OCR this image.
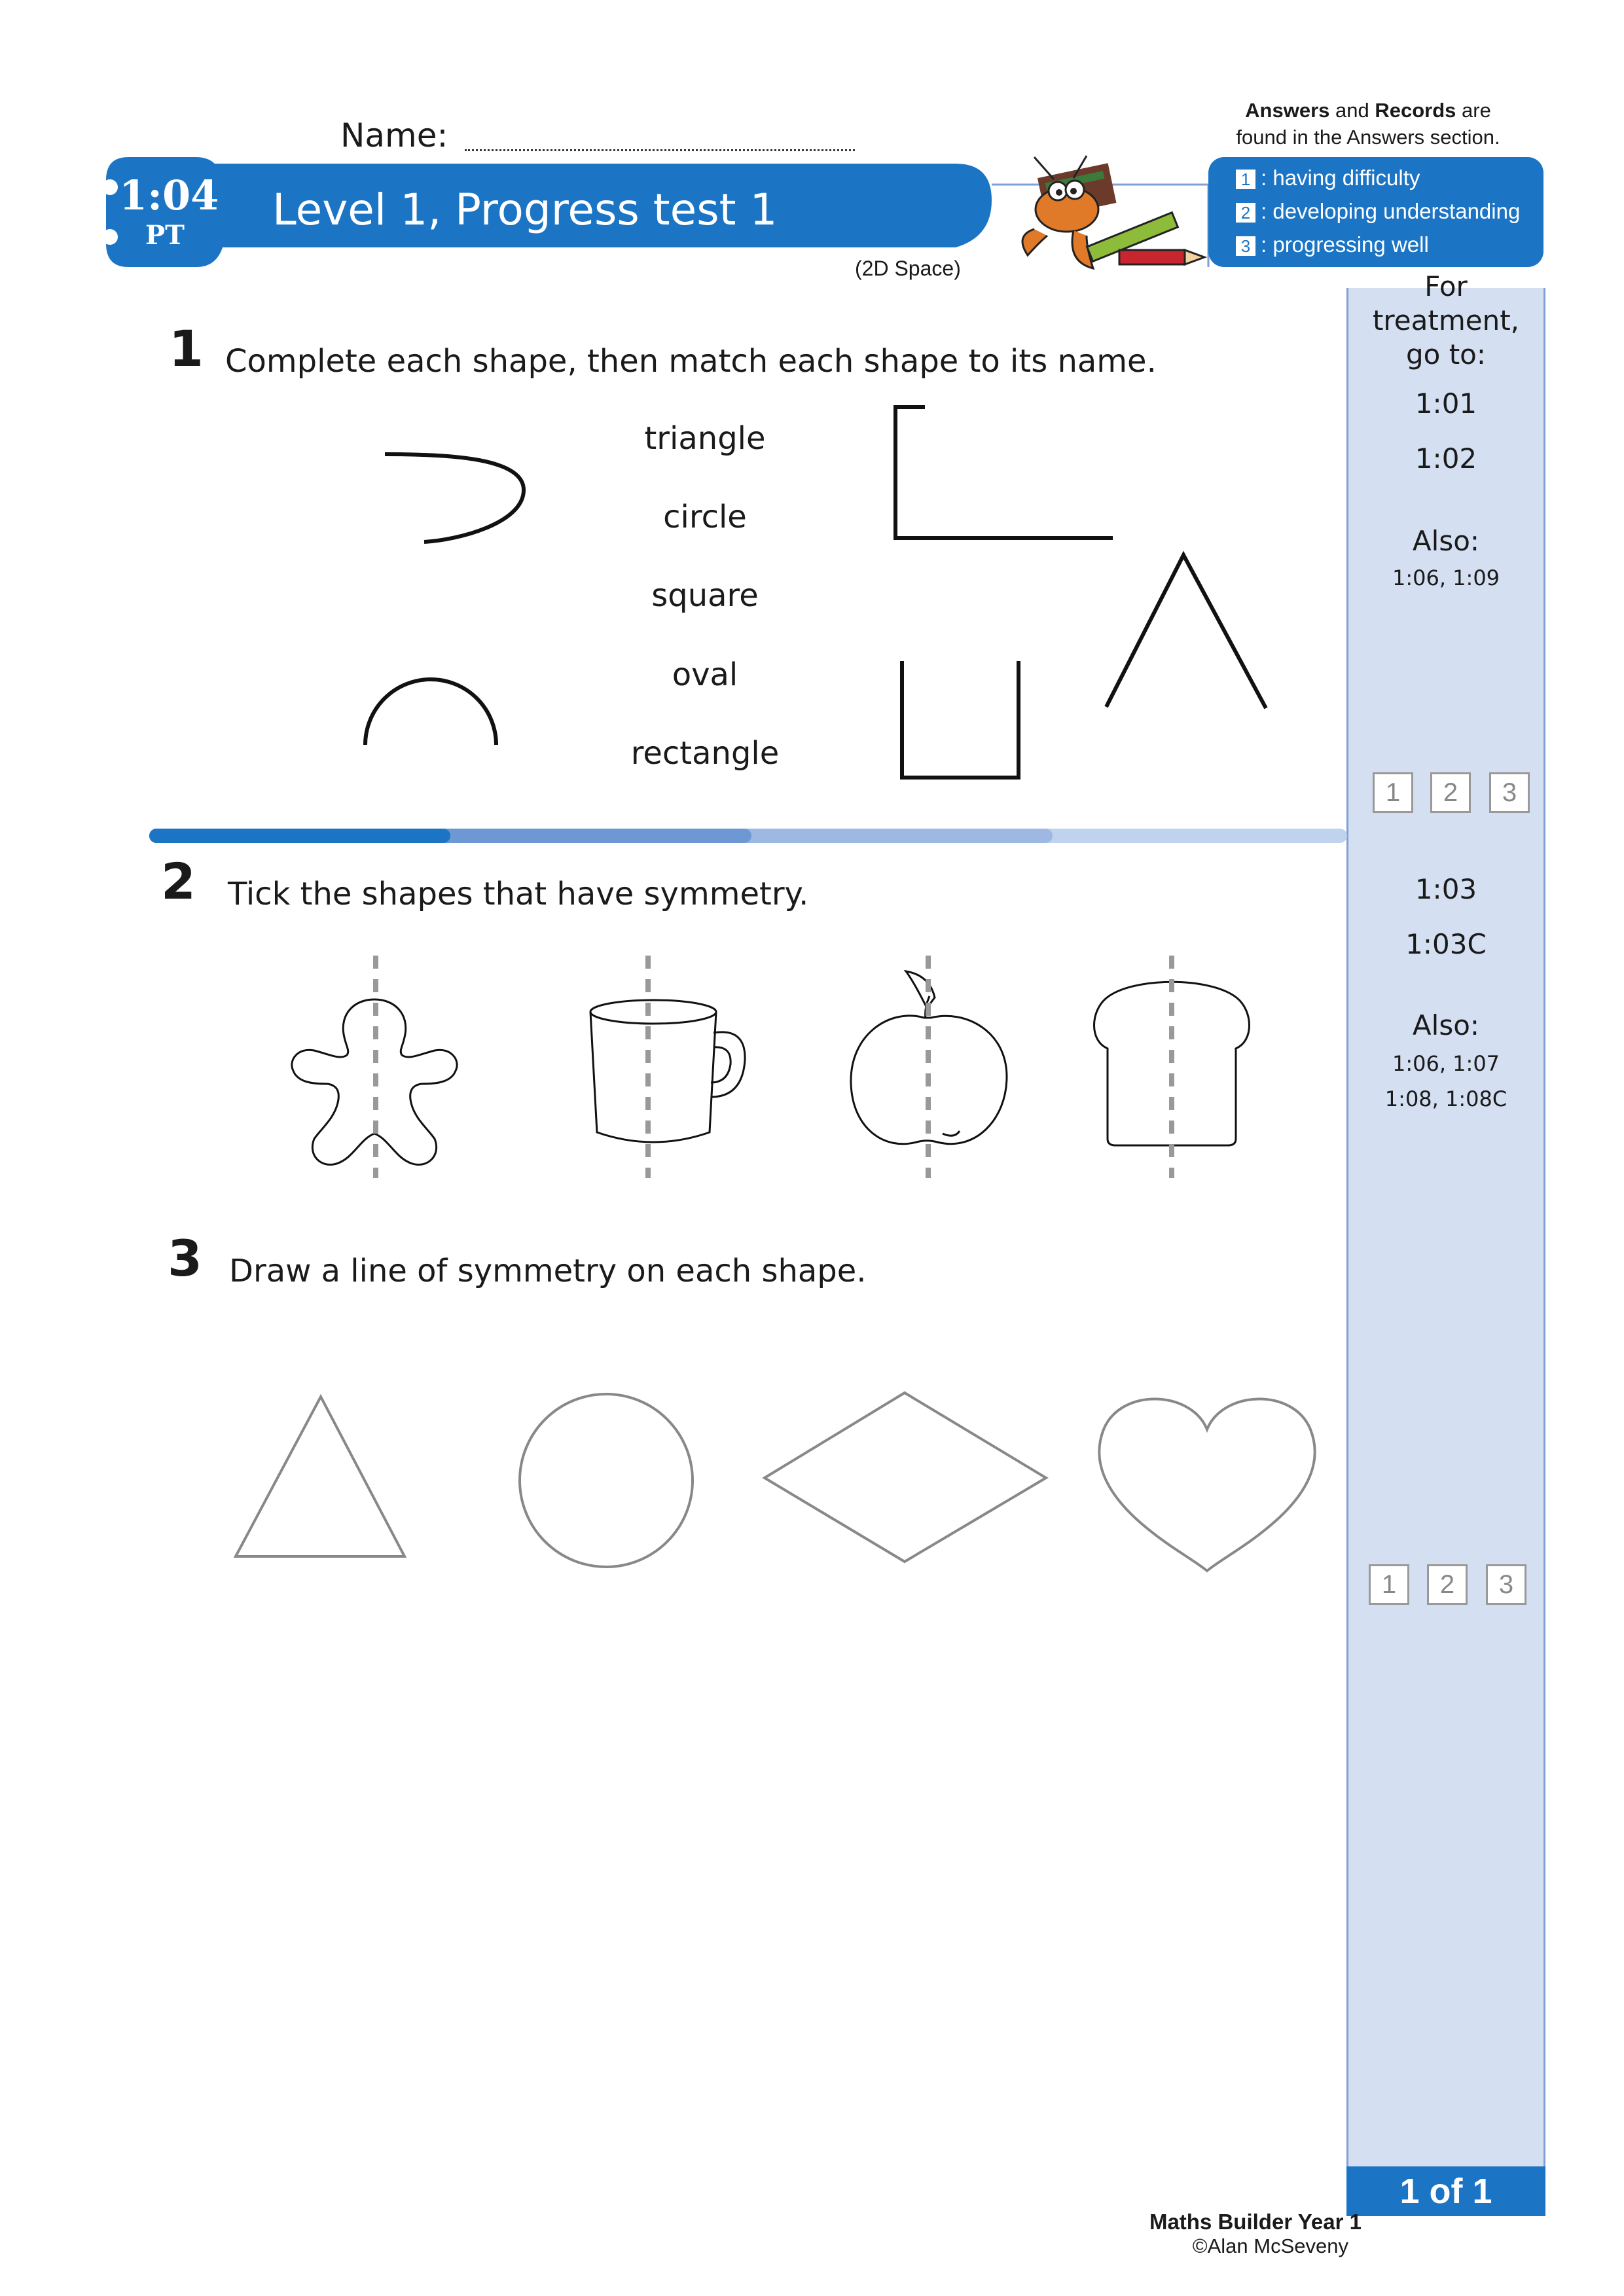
Name:
Answers and Records are
found in the Answers section.
1:04
PT
Level 1, Progress test 1
(2D Space)
1 : having difficulty
2 : developing understanding
3 : progressing well
For treatment,
go to:
1:01
1:02
Also:
1:06, 1:09
1	2	3
1:03
1:03C
Also:
1:06, 1:07
1:08, 1:08C
1	2	3
1 of 1
1 Complete each shape, then match each shape to its name.
triangle
circle
square
oval
rectangle
2 Tick the shapes that have symmetry.
3 Draw a line of symmetry on each shape.
Maths Builder Year 1
©Alan McSeveny
